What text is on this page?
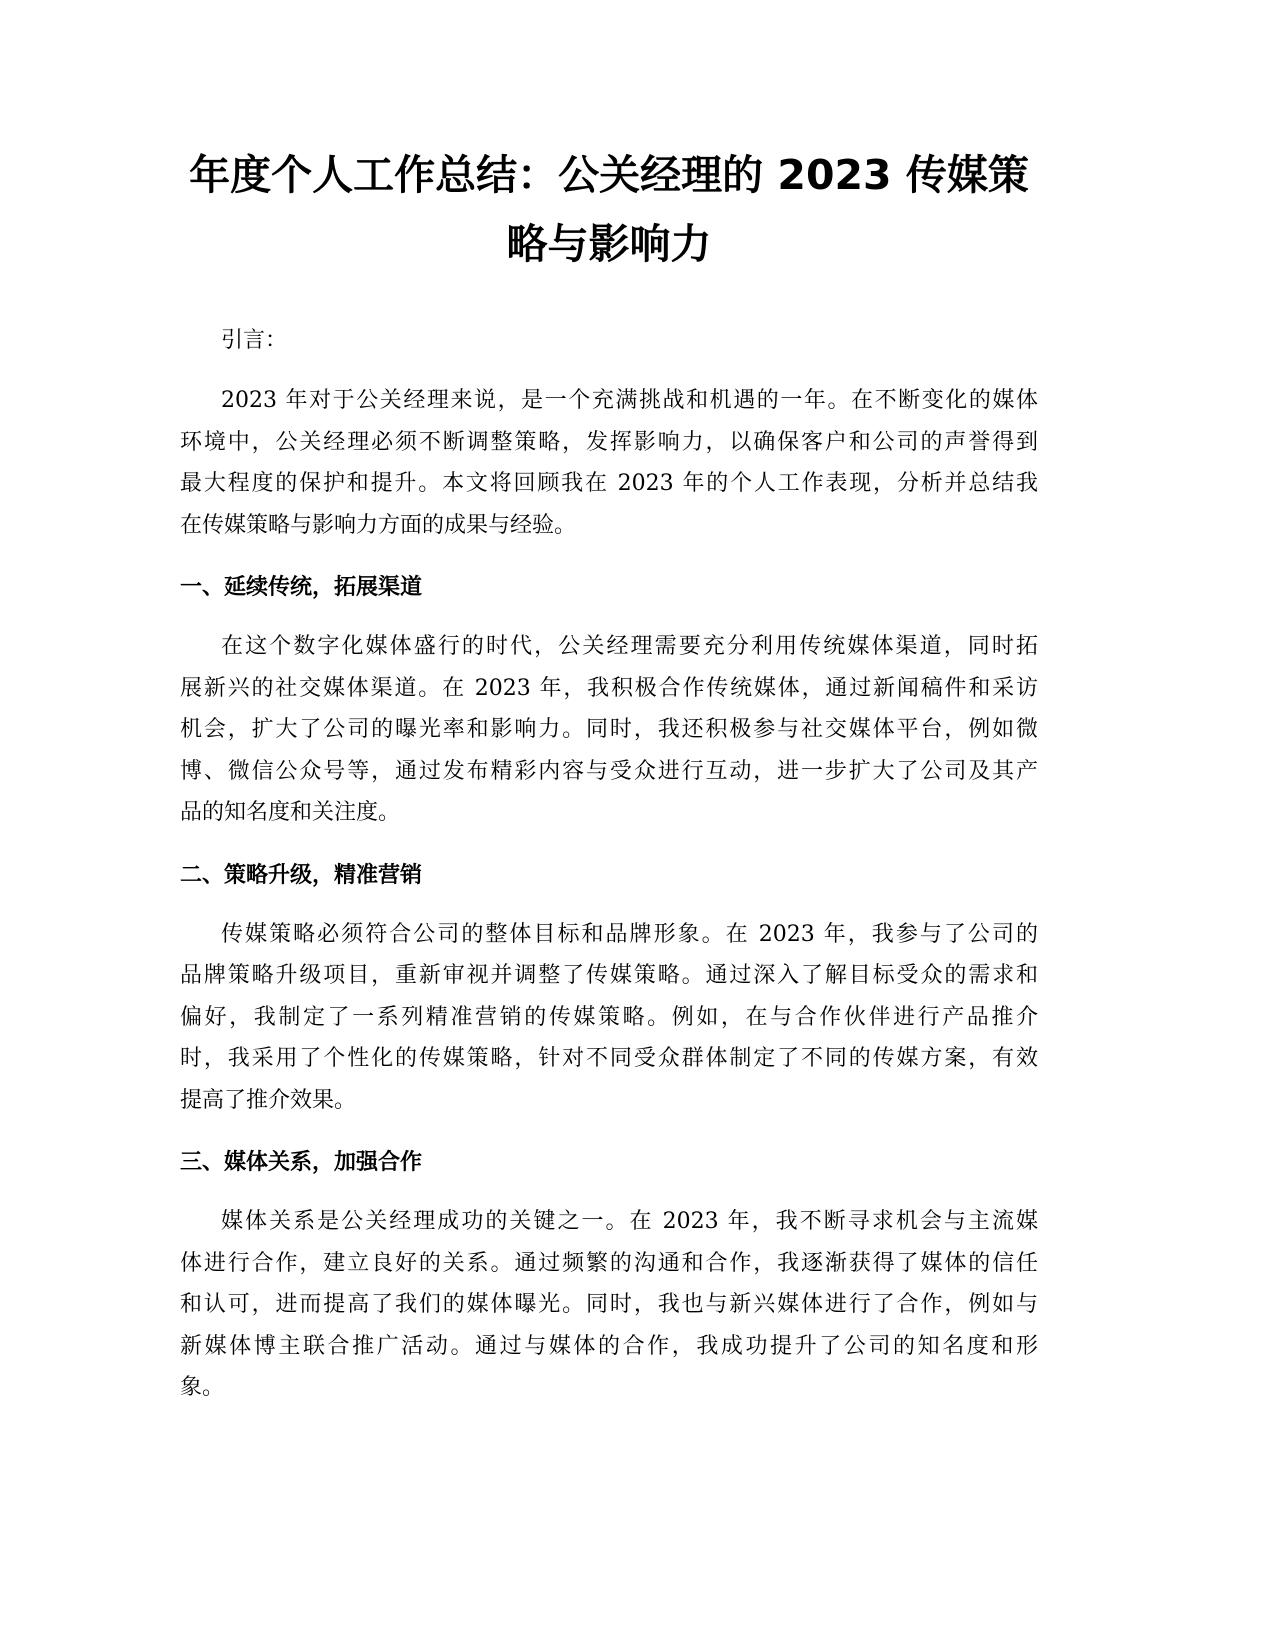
年度个人工作总结：公关经理的 2023 传媒策
略与影响力

引言：

2023 年对于公关经理来说，是一个充满挑战和机遇的一年。在不断变化的媒体
环境中，公关经理必须不断调整策略，发挥影响力，以确保客户和公司的声誉得到
最大程度的保护和提升。本文将回顾我在 2023 年的个人工作表现，分析并总结我
在传媒策略与影响力方面的成果与经验。
一、延续传统，拓展渠道
在这个数字化媒体盛行的时代，公关经理需要充分利用传统媒体渠道，同时拓
展新兴的社交媒体渠道。在 2023 年，我积极合作传统媒体，通过新闻稿件和采访
机会，扩大了公司的曝光率和影响力。同时，我还积极参与社交媒体平台，例如微
博、微信公众号等，通过发布精彩内容与受众进行互动，进一步扩大了公司及其产
品的知名度和关注度。
二、策略升级，精准营销
传媒策略必须符合公司的整体目标和品牌形象。在 2023 年，我参与了公司的
品牌策略升级项目，重新审视并调整了传媒策略。通过深入了解目标受众的需求和
偏好，我制定了一系列精准营销的传媒策略。例如，在与合作伙伴进行产品推介
时，我采用了个性化的传媒策略，针对不同受众群体制定了不同的传媒方案，有效
提高了推介效果。
三、媒体关系，加强合作
媒体关系是公关经理成功的关键之一。在 2023 年，我不断寻求机会与主流媒
体进行合作，建立良好的关系。通过频繁的沟通和合作，我逐渐获得了媒体的信任
和认可，进而提高了我们的媒体曝光。同时，我也与新兴媒体进行了合作，例如与
新媒体博主联合推广活动。通过与媒体的合作，我成功提升了公司的知名度和形
象。
